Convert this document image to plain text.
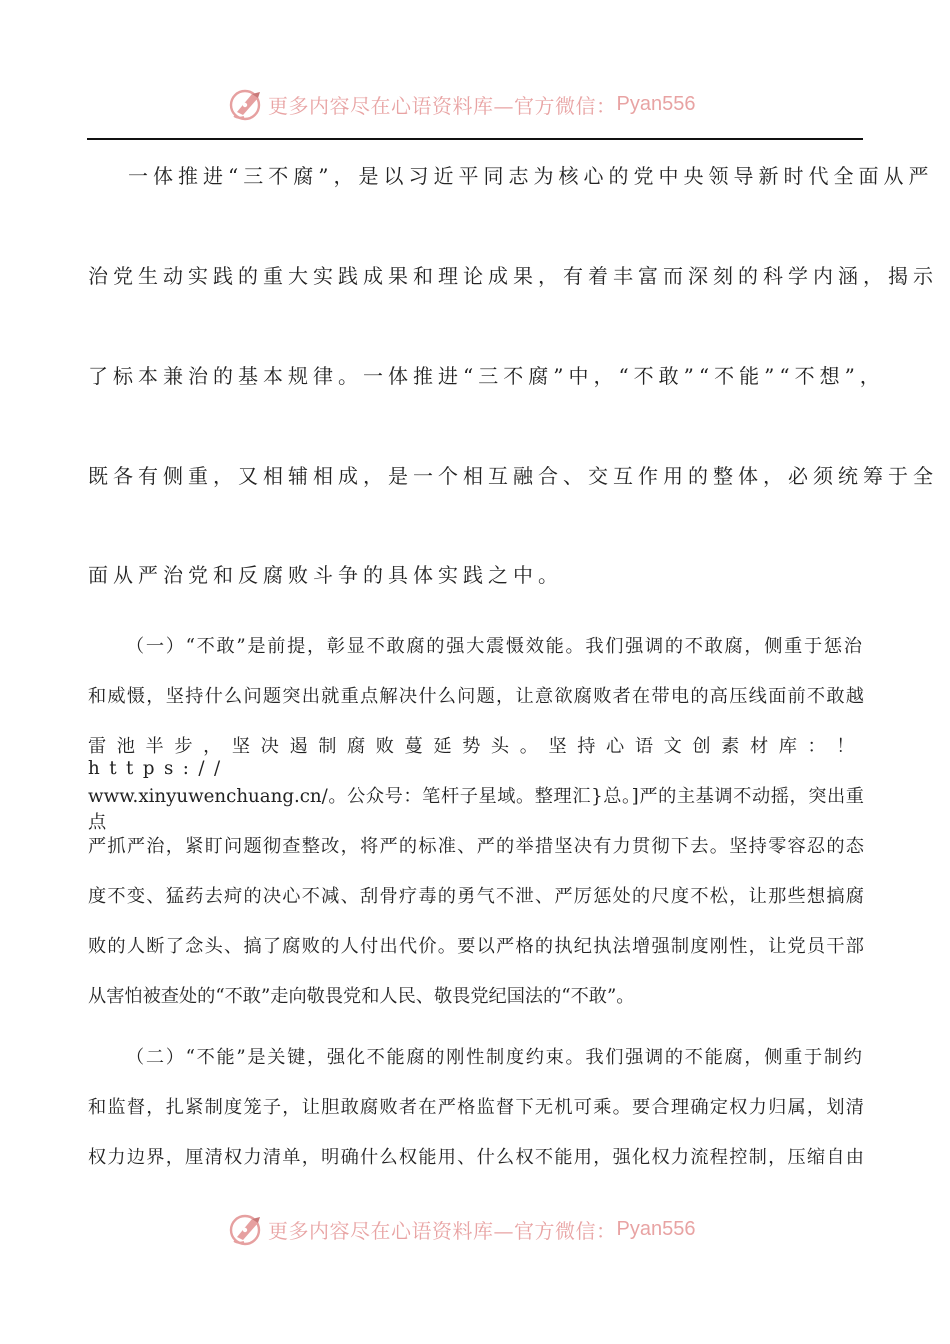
更多内容尽在心语资料库—官方微信： Pyan556
一体推进“三不腐”，是以习近平同志为核心的党中央领导新时代全面从严
治党生动实践的重大实践成果和理论成果，有着丰富而深刻的科学内涵，揭示
了标本兼治的基本规律。一体推进“三不腐”中，“不敢”“不能”“不想”，
既各有侧重，又相辅相成，是一个相互融合、交互作用的整体，必须统筹于全
面从严治党和反腐败斗争的具体实践之中。
（一）“不敢”是前提，彰显不敢腐的强大震慑效能。我们强调的不敢腐，侧重于惩治
和威慑，坚持什么问题突出就重点解决什么问题，让意欲腐败者在带电的高压线面前不敢越
雷池半步，坚决遏制腐败蔓延势头。坚持心语文创素材库：！https://
www.xinyuwenchuang.cn/。公众号：笔杆子星域。整理汇}总。]严的主基调不动摇，突出重点
严抓严治，紧盯问题彻查整改，将严的标准、严的举措坚决有力贯彻下去。坚持零容忍的态
度不变、猛药去疴的决心不减、刮骨疗毒的勇气不泄、严厉惩处的尺度不松，让那些想搞腐
败的人断了念头、搞了腐败的人付出代价。要以严格的执纪执法增强制度刚性，让党员干部
从害怕被查处的“不敢”走向敬畏党和人民、敬畏党纪国法的“不敢”。
（二）“不能”是关键，强化不能腐的刚性制度约束。我们强调的不能腐，侧重于制约
和监督，扎紧制度笼子，让胆敢腐败者在严格监督下无机可乘。要合理确定权力归属，划清
权力边界，厘清权力清单，明确什么权能用、什么权不能用，强化权力流程控制，压缩自由
更多内容尽在心语资料库—官方微信： Pyan556
